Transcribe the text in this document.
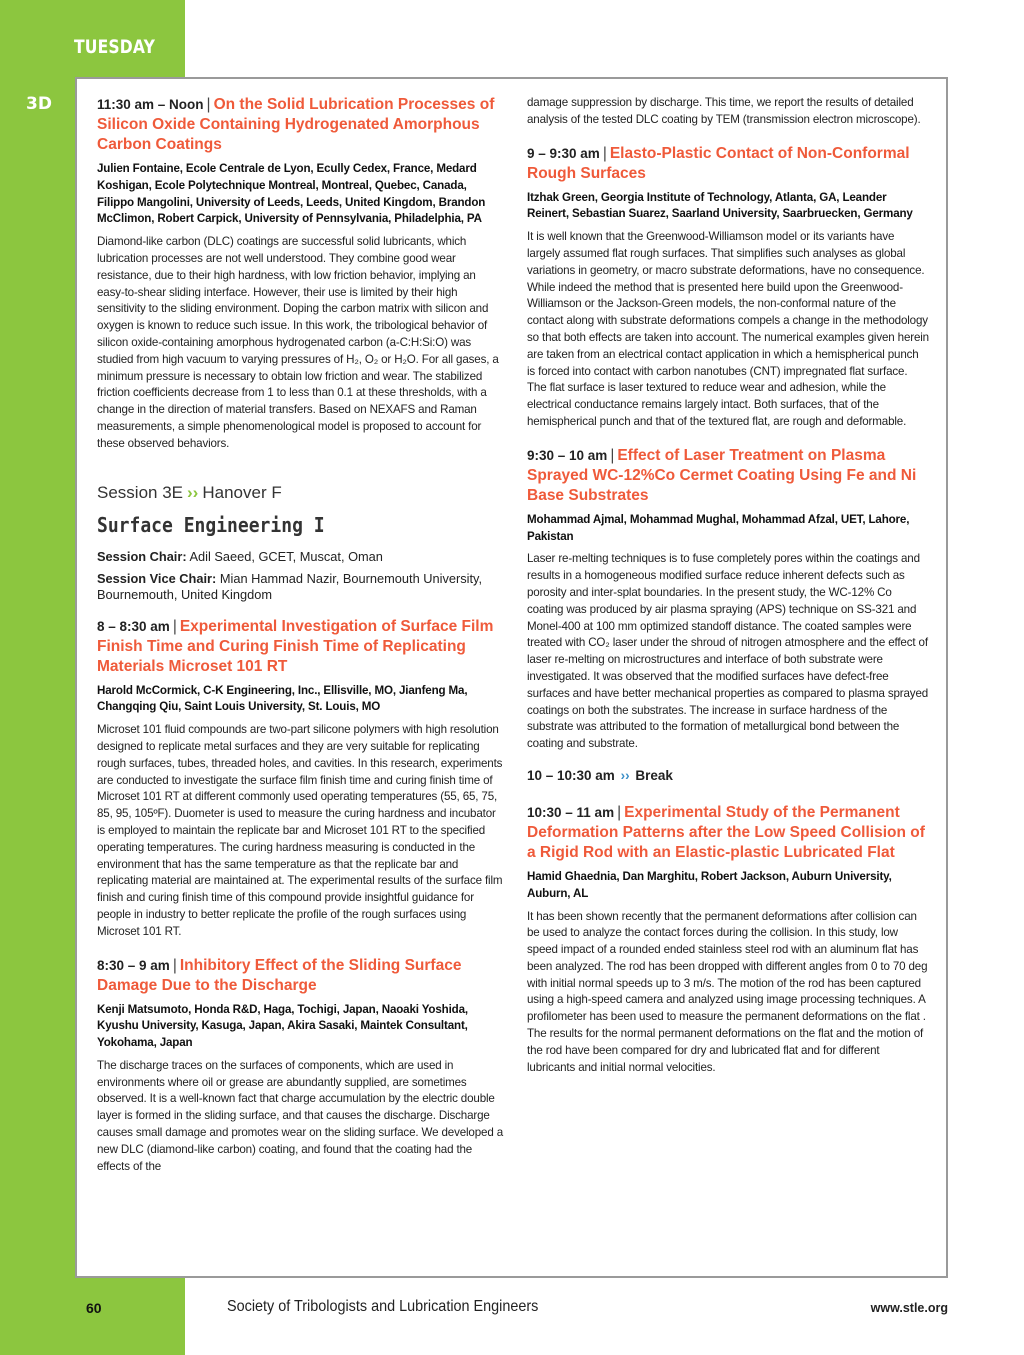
TUESDAY
3D	11:30 am – Noon | On the Solid Lubrication Processes of Silicon Oxide Containing Hydrogenated Amorphous Carbon Coatings

Julien Fontaine, Ecole Centrale de Lyon, Ecully Cedex, France, Medard Koshigan, Ecole Polytechnique Montreal, Montreal, Quebec, Canada, Filippo Mangolini, University of Leeds, Leeds, United Kingdom, Brandon McClimon, Robert Carpick, University of Pennsylvania, Philadelphia, PA

Diamond-like carbon (DLC) coatings are successful solid lubricants, which lubrication processes are not well understood. They combine good wear resistance, due to their high hardness, with low friction behavior, implying an easy-to-shear sliding interface. However, their use is limited by their high sensitivity to the sliding environment. Doping the carbon matrix with silicon and oxygen is known to reduce such issue. In this work, the tribological behavior of silicon oxide-containing amorphous hydrogenated carbon (a-C:H:Si:O) was studied from high vacuum to varying pressures of H₂, O₂ or H₂O. For all gases, a minimum pressure is necessary to obtain low friction and wear. The stabilized friction coefficients decrease from 1 to less than 0.1 at these thresholds, with a change in the direction of material transfers. Based on NEXAFS and Raman measurements, a simple phenomenological model is proposed to account for these observed behaviors.

Session 3E ›› Hanover F

Surface Engineering I

Session Chair: Adil Saeed, GCET, Muscat, Oman

Session Vice Chair: Mian Hammad Nazir, Bournemouth University, Bournemouth, United Kingdom

8 – 8:30 am | Experimental Investigation of Surface Film Finish Time and Curing Finish Time of Replicating Materials Microset 101 RT

Harold McCormick, C-K Engineering, Inc., Ellisville, MO, Jianfeng Ma, Changqing Qiu, Saint Louis University, St. Louis, MO

Microset 101 fluid compounds are two-part silicone polymers with high resolution designed to replicate metal surfaces and they are very suitable for replicating rough surfaces, tubes, threaded holes, and cavities. In this research, experiments are conducted to investigate the surface film finish time and curing finish time of Microset 101 RT at different commonly used operating temperatures (55, 65, 75, 85, 95, 105ºF). Duometer is used to measure the curing hardness and incubator is employed to maintain the replicate bar and Microset 101 RT to the specified operating temperatures. The curing hardness measuring is conducted in the environment that has the same temperature as that the replicate bar and replicating material are maintained at. The experimental results of the surface film finish and curing finish time of this compound provide insightful guidance for people in industry to better replicate the profile of the rough surfaces using Microset 101 RT.

8:30 – 9 am | Inhibitory Effect of the Sliding Surface Damage Due to the Discharge

Kenji Matsumoto, Honda R&D, Haga, Tochigi, Japan, Naoaki Yoshida, Kyushu University, Kasuga, Japan, Akira Sasaki, Maintek Consultant, Yokohama, Japan

The discharge traces on the surfaces of components, which are used in environments where oil or grease are abundantly supplied, are sometimes observed. It is a well-known fact that charge accumulation by the electric double layer is formed in the sliding surface, and that causes the discharge. Discharge causes small damage and promotes wear on the sliding surface. We developed a new DLC (diamond-like carbon) coating, and found that the coating had the effects of the

damage suppression by discharge. This time, we report the results of detailed analysis of the tested DLC coating by TEM (transmission electron microscope).

9 – 9:30 am | Elasto-Plastic Contact of Non-Conformal Rough Surfaces

Itzhak Green, Georgia Institute of Technology, Atlanta, GA, Leander Reinert, Sebastian Suarez, Saarland University, Saarbruecken, Germany

It is well known that the Greenwood-Williamson model or its variants have largely assumed flat rough surfaces. That simplifies such analyses as global variations in geometry, or macro substrate deformations, have no consequence. While indeed the method that is presented here build upon the Greenwood-Williamson or the Jackson-Green models, the non-conformal nature of the contact along with substrate deformations compels a change in the methodology so that both effects are taken into account. The numerical examples given herein are taken from an electrical contact application in which a hemispherical punch is forced into contact with carbon nanotubes (CNT) impregnated flat surface. The flat surface is laser textured to reduce wear and adhesion, while the electrical conductance remains largely intact. Both surfaces, that of the hemispherical punch and that of the textured flat, are rough and deformable.

9:30 – 10 am | Effect of Laser Treatment on Plasma Sprayed WC-12%Co Cermet Coating Using Fe and Ni Base Substrates

Mohammad Ajmal, Mohammad Mughal, Mohammad Afzal, UET, Lahore, Pakistan

Laser re-melting techniques is to fuse completely pores within the coatings and results in a homogeneous modified surface reduce inherent defects such as porosity and inter-splat boundaries. In the present study, the WC-12% Co coating was produced by air plasma spraying (APS) technique on SS-321 and Monel-400 at 100 mm optimized standoff distance. The coated samples were treated with CO₂ laser under the shroud of nitrogen atmosphere and the effect of laser re-melting on microstructures and interface of both substrate were investigated. It was observed that the modified surfaces have defect-free surfaces and have better mechanical properties as compared to plasma sprayed coatings on both the substrates. The increase in surface hardness of the substrate was attributed to the formation of metallurgical bond between the coating and substrate.

10 – 10:30 am ›› Break

10:30 – 11 am | Experimental Study of the Permanent Deformation Patterns after the Low Speed Collision of a Rigid Rod with an Elastic-plastic Lubricated Flat

Hamid Ghaednia, Dan Marghitu, Robert Jackson, Auburn University, Auburn, AL

It has been shown recently that the permanent deformations after collision can be used to analyze the contact forces during the collision. In this study, low speed impact of a rounded ended stainless steel rod with an aluminum flat has been analyzed. The rod has been dropped with different angles from 0 to 70 deg with initial normal speeds up to 3 m/s. The motion of the rod has been captured using a high-speed camera and analyzed using image processing techniques. A profilometer has been used to measure the permanent deformations on the flat . The results for the normal permanent deformations on the flat and the motion of the rod have been compared for dry and lubricated flat and for different lubricants and initial normal velocities.

60	Society of Tribologists and Lubrication Engineers	www.stle.org
